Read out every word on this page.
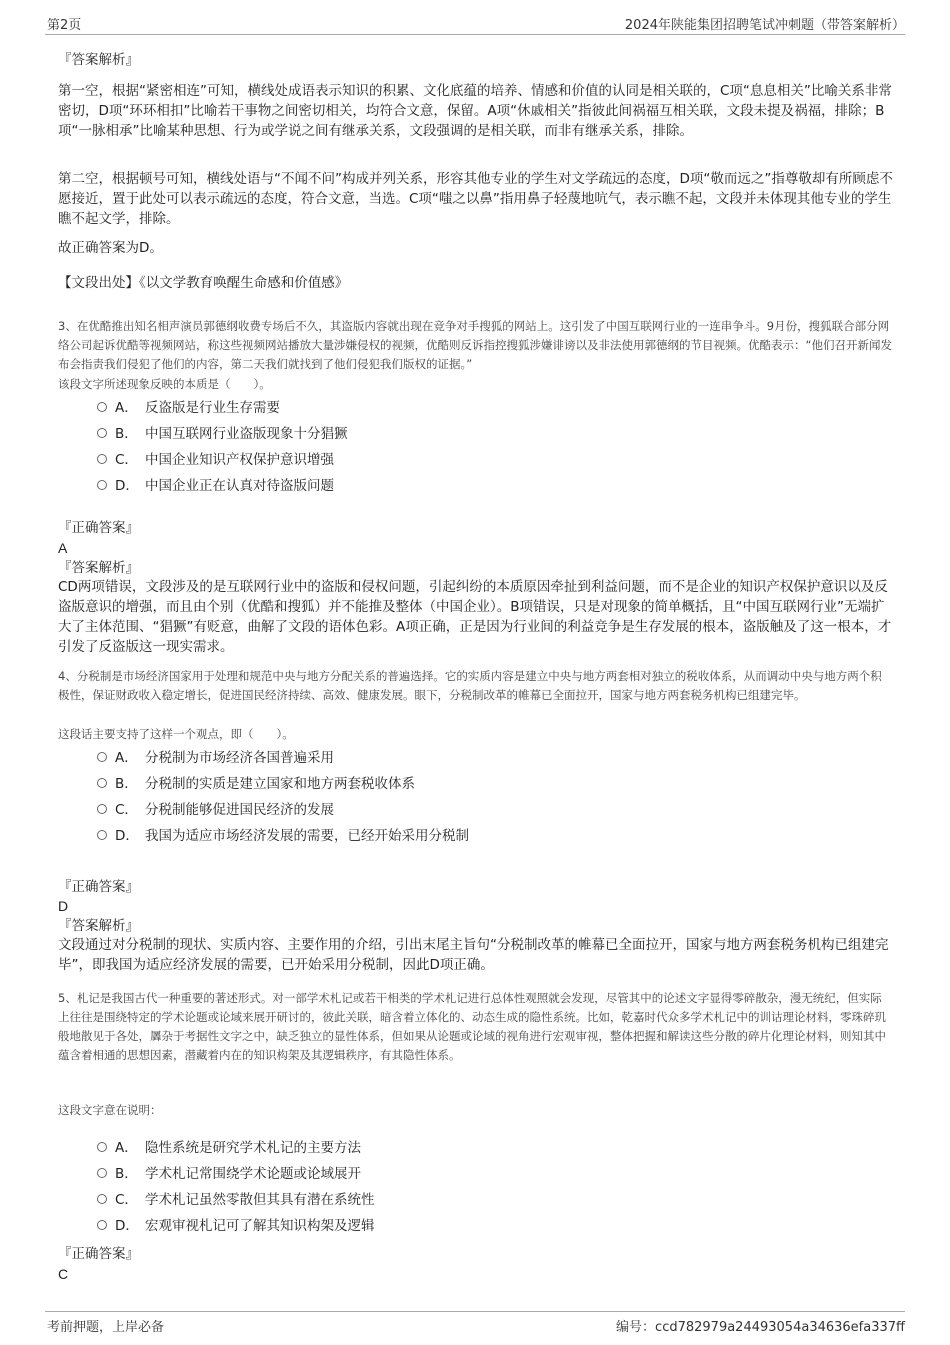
第2页	2024年陕能集团招聘笔试冲刺题（带答案解析）
『答案解析』

第一空，根据“紧密相连”可知，横线处成语表示知识的积累、文化底蕴的培养、情感和价值的认同是相关联的，C项“息息相关”比喻关系非常密切，D项“环环相扣”比喻若干事物之间密切相关，均符合文意，保留。A项“休戚相关”指彼此间祸福互相关联，文段未提及祸福，排除；B项“一脉相承”比喻某种思想、行为或学说之间有继承关系，文段强调的是相关联，而非有继承关系，排除。

第二空，根据顿号可知，横线处语与“不闻不问”构成并列关系，形容其他专业的学生对文学疏远的态度，D项“敬而远之”指尊敬却有所顾虑不愿接近，置于此处可以表示疏远的态度，符合文意，当选。C项“嗤之以鼻”指用鼻子轻蔑地吭气，表示瞧不起，文段并未体现其他专业的学生瞧不起文学，排除。

故正确答案为D。
【文段出处】《以文学教育唤醒生命感和价值感》

3、在优酷推出知名相声演员郭德纲收费专场后不久，其盗版内容就出现在竞争对手搜狐的网站上。这引发了中国互联网行业的一连串争斗。9月份，搜狐联合部分网络公司起诉优酷等视频网站，称这些视频网站播放大量涉嫌侵权的视频，优酷则反诉指控搜狐涉嫌诽谤以及非法使用郭德纲的节目视频。优酷表示：“他们召开新闻发布会指责我们侵犯了他们的内容，第二天我们就找到了他们侵犯我们版权的证据。”

该段文字所述现象反映的本质是（　　）。
A． 反盗版是行业生存需要
B． 中国互联网行业盗版现象十分猖獗
C． 中国企业知识产权保护意识增强
D． 中国企业正在认真对待盗版问题
『正确答案』
A
『答案解析』

CD两项错误，文段涉及的是互联网行业中的盗版和侵权问题，引起纠纷的本质原因牵扯到利益问题，而不是企业的知识产权保护意识以及反盗版意识的增强，而且由个别（优酷和搜狐）并不能推及整体（中国企业）。B项错误，只是对现象的简单概括，且“中国互联网行业”无端扩大了主体范围、“猖獗”有贬意，曲解了文段的语体色彩。A项正确，正是因为行业间的利益竞争是生存发展的根本，盗版触及了这一根本，才引发了反盗版这一现实需求。

4、分税制是市场经济国家用于处理和规范中央与地方分配关系的普遍选择。它的实质内容是建立中央与地方两套相对独立的税收体系，从而调动中央与地方两个积极性，保证财政收入稳定增长，促进国民经济持续、高效、健康发展。眼下，分税制改革的帷幕已全面拉开，国家与地方两套税务机构已组建完毕。

这段话主要支持了这样一个观点，即（　　）。
A． 分税制为市场经济各国普遍采用
B． 分税制的实质是建立国家和地方两套税收体系
C． 分税制能够促进国民经济的发展
D． 我国为适应市场经济发展的需要，已经开始采用分税制
『正确答案』
D
『答案解析』

文段通过对分税制的现状、实质内容、主要作用的介绍，引出末尾主旨句“分税制改革的帷幕已全面拉开，国家与地方两套税务机构已组建完毕”，即我国为适应经济发展的需要，已开始采用分税制，因此D项正确。

5、札记是我国古代一种重要的著述形式。对一部学术札记或若干相类的学术札记进行总体性观照就会发现，尽管其中的论述文字显得零碎散杂，漫无统纪，但实际上往往是围绕特定的学术论题或论域来展开研讨的，彼此关联，暗含着立体化的、动态生成的隐性系统。比如，乾嘉时代众多学术札记中的训诂理论材料，零珠碎玑般地散见于各处，羼杂于考据性文字之中，缺乏独立的显性体系，但如果从论题或论域的视角进行宏观审视，整体把握和解读这些分散的碎片化理论材料，则知其中蕴含着相通的思想因素，潜藏着内在的知识构架及其逻辑秩序，有其隐性体系。

这段文字意在说明：
A． 隐性系统是研究学术札记的主要方法
B． 学术札记常围绕学术论题或论域展开
C． 学术札记虽然零散但其具有潜在系统性
D． 宏观审视札记可了解其知识构架及逻辑
『正确答案』
C
考前押题，上岸必备	编号：ccd782979a24493054a34636efa337ff
